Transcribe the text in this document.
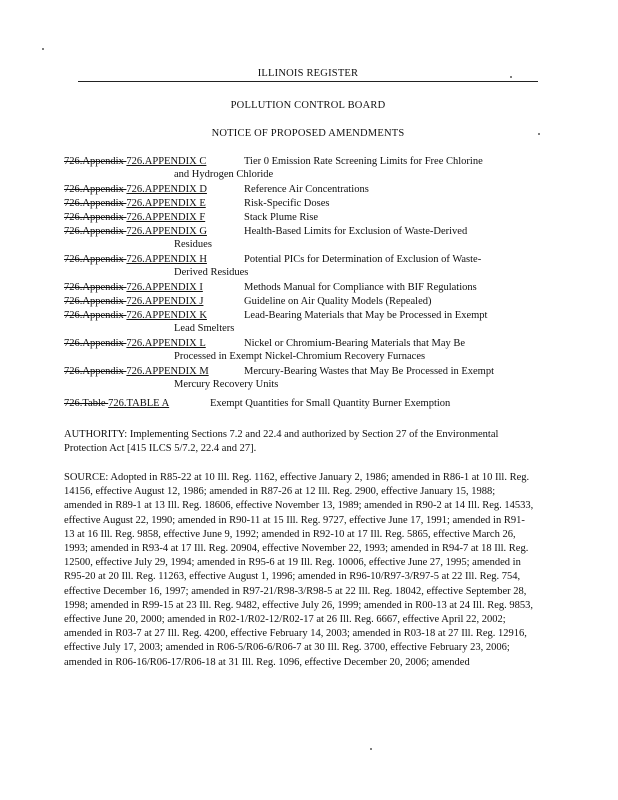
ILLINOIS REGISTER
POLLUTION CONTROL BOARD
NOTICE OF PROPOSED AMENDMENTS
726.Appendix 726.APPENDIX C	Tier 0 Emission Rate Screening Limits for Free Chlorine
and Hydrogen Chloride
726.Appendix 726.APPENDIX D	Reference Air Concentrations
726.Appendix 726.APPENDIX E	Risk-Specific Doses
726.Appendix 726.APPENDIX F	Stack Plume Rise
726.Appendix 726.APPENDIX G	Health-Based Limits for Exclusion of Waste-Derived
Residues
726.Appendix 726.APPENDIX H	Potential PICs for Determination of Exclusion of Waste-
Derived Residues
726.Appendix 726.APPENDIX I	Methods Manual for Compliance with BIF Regulations
726.Appendix 726.APPENDIX J	Guideline on Air Quality Models (Repealed)
726.Appendix 726.APPENDIX K	Lead-Bearing Materials that May be Processed in Exempt
Lead Smelters
726.Appendix 726.APPENDIX L	Nickel or Chromium-Bearing Materials that May Be
Processed in Exempt Nickel-Chromium Recovery Furnaces
726.Appendix 726.APPENDIX M	Mercury-Bearing Wastes that May Be Processed in Exempt
Mercury Recovery Units
726.Table 726.TABLE A	Exempt Quantities for Small Quantity Burner Exemption
AUTHORITY: Implementing Sections 7.2 and 22.4 and authorized by Section 27 of the Environmental Protection Act [415 ILCS 5/7.2, 22.4 and 27].
SOURCE: Adopted in R85-22 at 10 Ill. Reg. 1162, effective January 2, 1986; amended in R86-1 at 10 Ill. Reg. 14156, effective August 12, 1986; amended in R87-26 at 12 Ill. Reg. 2900, effective January 15, 1988; amended in R89-1 at 13 Ill. Reg. 18606, effective November 13, 1989; amended in R90-2 at 14 Ill. Reg. 14533, effective August 22, 1990; amended in R90-11 at 15 Ill. Reg. 9727, effective June 17, 1991; amended in R91-13 at 16 Ill. Reg. 9858, effective June 9, 1992; amended in R92-10 at 17 Ill. Reg. 5865, effective March 26, 1993; amended in R93-4 at 17 Ill. Reg. 20904, effective November 22, 1993; amended in R94-7 at 18 Ill. Reg. 12500, effective July 29, 1994; amended in R95-6 at 19 Ill. Reg. 10006, effective June 27, 1995; amended in R95-20 at 20 Ill. Reg. 11263, effective August 1, 1996; amended in R96-10/R97-3/R97-5 at 22 Ill. Reg. 754, effective December 16, 1997; amended in R97-21/R98-3/R98-5 at 22 Ill. Reg. 18042, effective September 28, 1998; amended in R99-15 at 23 Ill. Reg. 9482, effective July 26, 1999; amended in R00-13 at 24 Ill. Reg. 9853, effective June 20, 2000; amended in R02-1/R02-12/R02-17 at 26 Ill. Reg. 6667, effective April 22, 2002; amended in R03-7 at 27 Ill. Reg. 4200, effective February 14, 2003; amended in R03-18 at 27 Ill. Reg. 12916, effective July 17, 2003; amended in R06-5/R06-6/R06-7 at 30 Ill. Reg. 3700, effective February 23, 2006; amended in R06-16/R06-17/R06-18 at 31 Ill. Reg. 1096, effective December 20, 2006; amended
